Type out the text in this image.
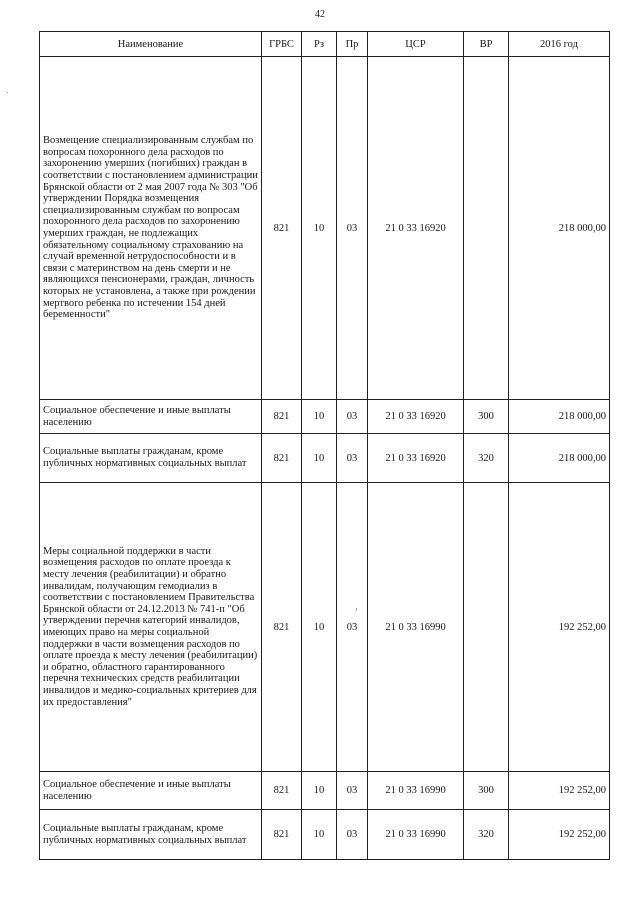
42
Наименование	ГРБС	Рз	Пр	ЦСР	ВР	2016 год
Возмещение специализированным службам по вопросам похоронного дела расходов по захоронению умерших (погибших) граждан в соответствии с постановлением администрации Брянской области от 2 мая 2007 года № 303 "Об утверждении Порядка возмещения специализированным службам по вопросам похоронного дела расходов по захоронению умерших граждан, не подлежащих обязательному социальному страхованию на случай временной нетрудоспособности и в связи с материнством на день смерти и не являющихся пенсионерами, граждан, личность которых не установлена, а также при рождении мертвого ребенка по истечении 154 дней беременности"	821	10	03	21 0 33 16920		218 000,00
Социальное обеспечение и иные выплаты населению	821	10	03	21 0 33 16920	300	218 000,00
Социальные выплаты гражданам, кроме публичных нормативных социальных выплат	821	10	03	21 0 33 16920	320	218 000,00
Меры социальной поддержки в части возмещения расходов по оплате проезда к месту лечения (реабилитации) и обратно инвалидам, получающим гемодиализ в соответствии с постановлением Правительства Брянской области от 24.12.2013 № 741-п "Об утверждении перечня категорий инвалидов, имеющих право на меры социальной поддержки в части возмещения расходов по оплате проезда к месту лечения (реабилитации) и обратно, областного гарантированного перечня технических средств реабилитации инвалидов и медико-социальных критериев для их предоставления"	821	10	03	21 0 33 16990		192 252,00
Социальное обеспечение и иные выплаты населению	821	10	03	21 0 33 16990	300	192 252,00
Социальные выплаты гражданам, кроме публичных нормативных социальных выплат	821	10	03	21 0 33 16990	320	192 252,00
